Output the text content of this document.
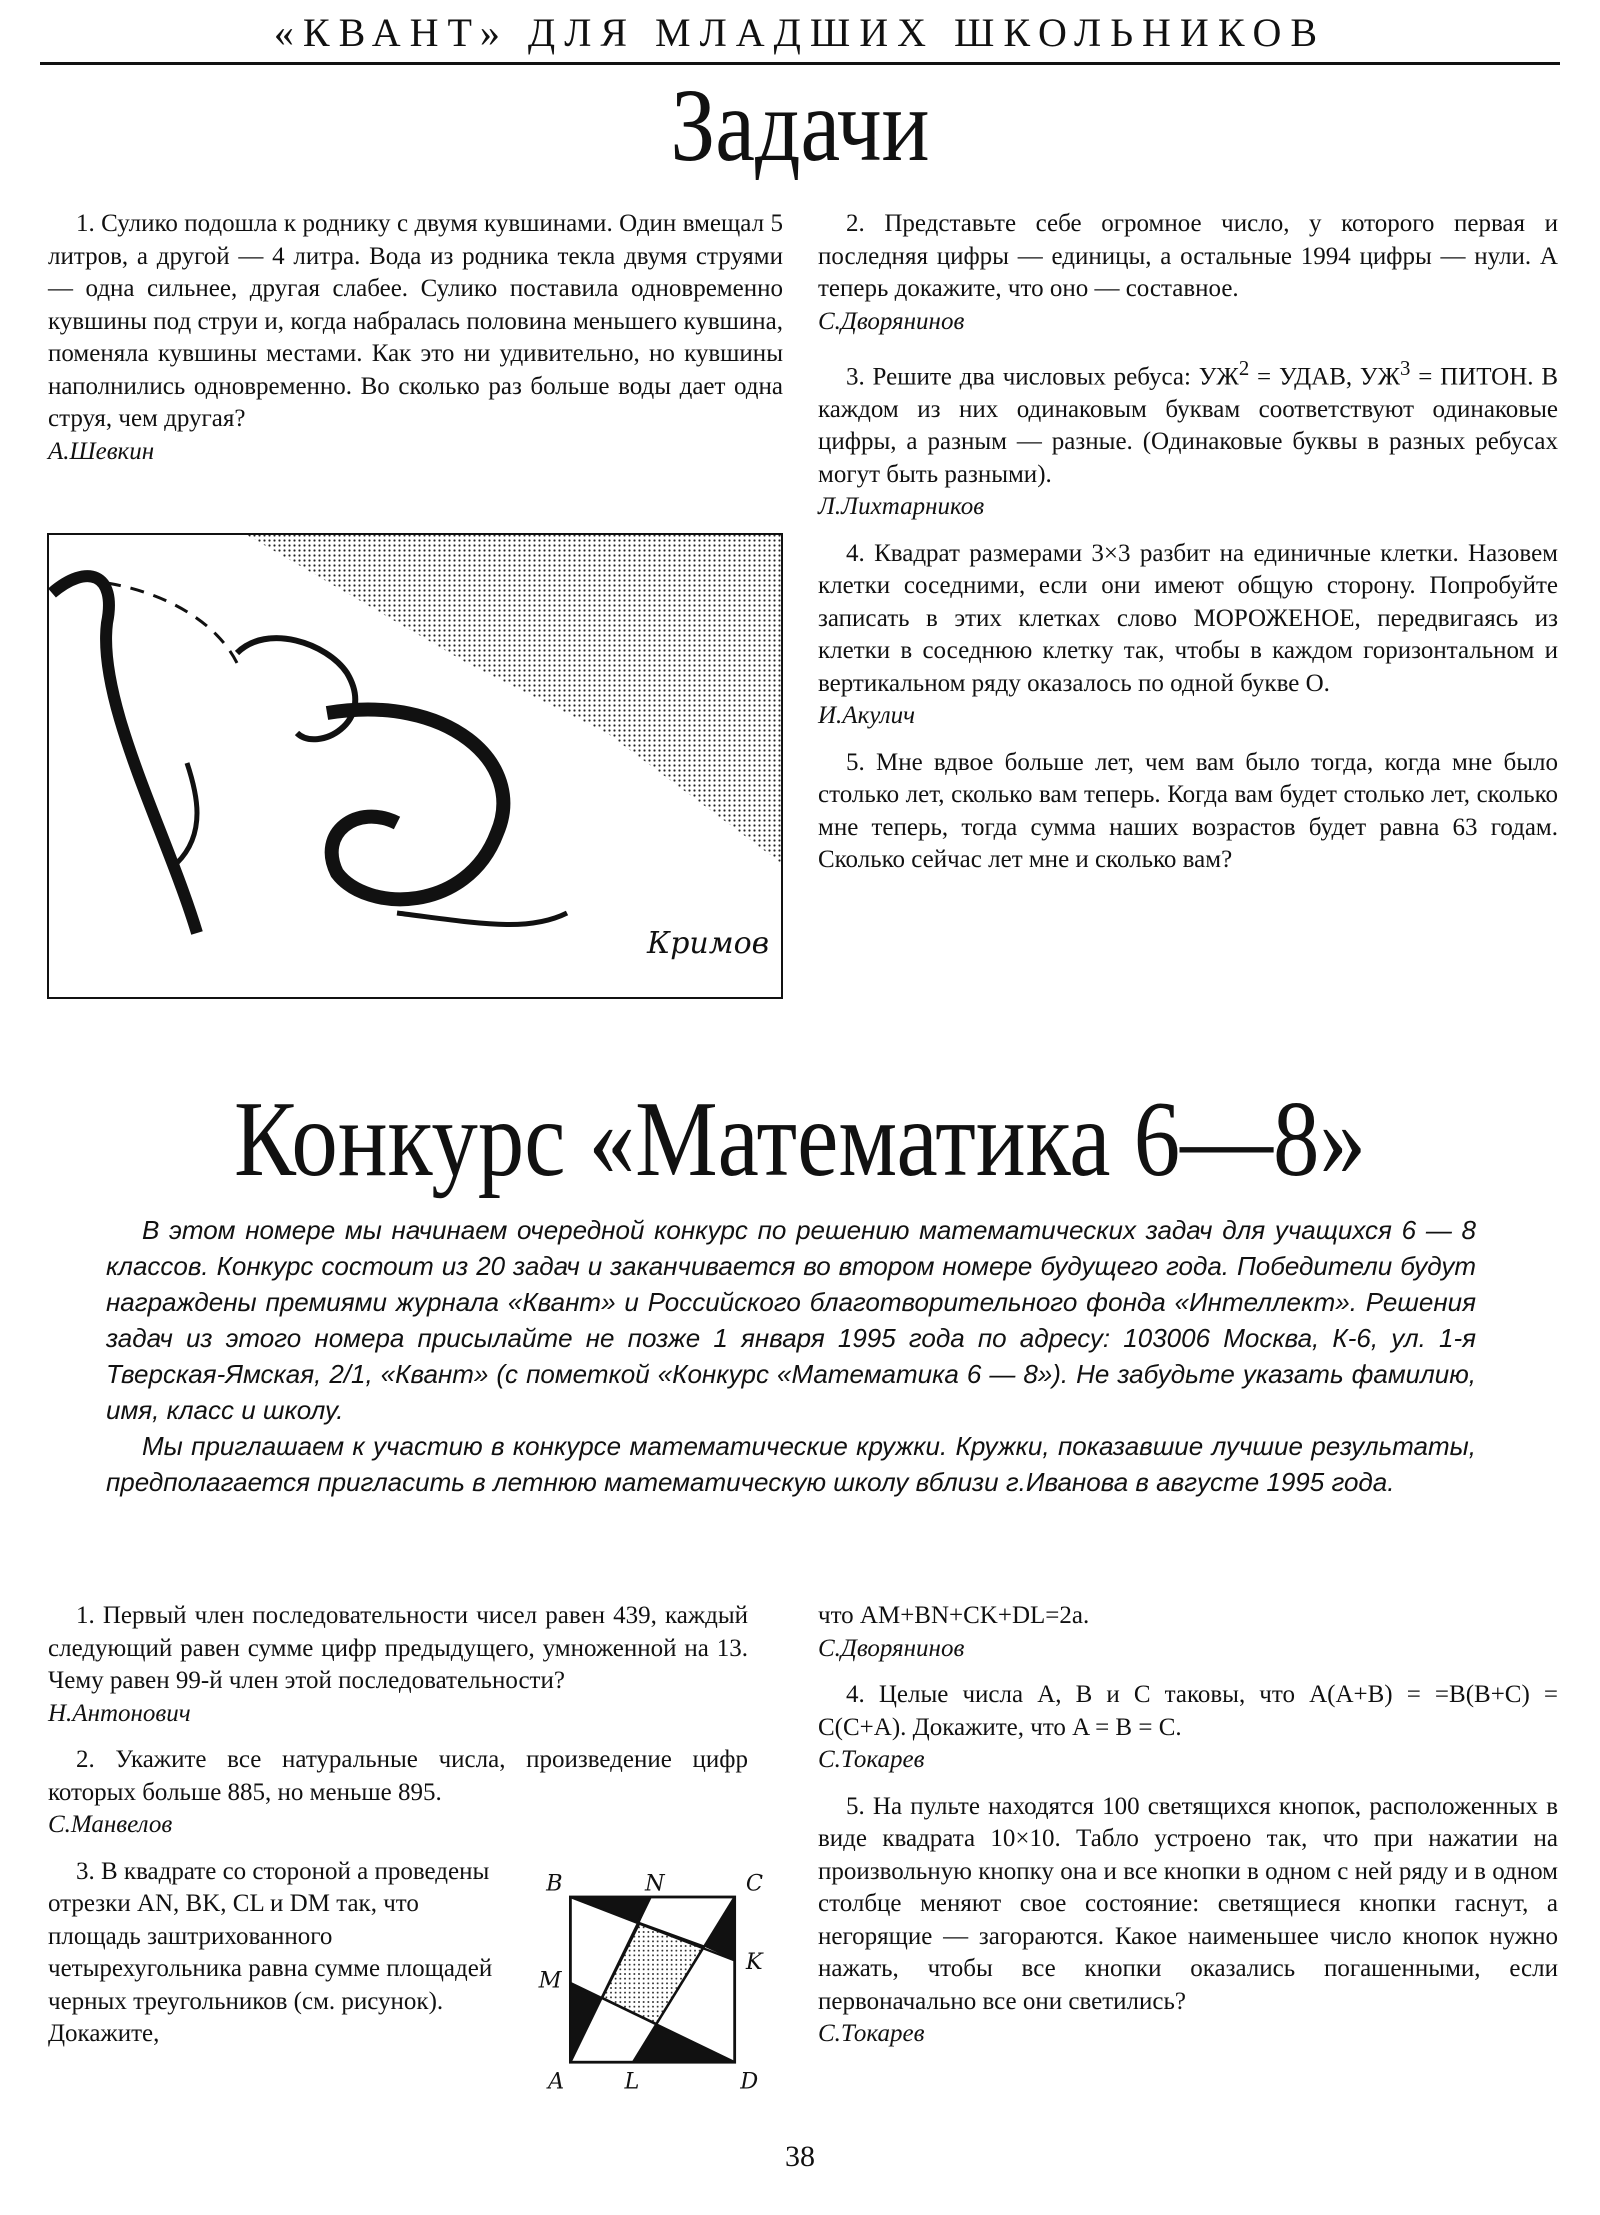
«КВАНТ» ДЛЯ МЛАДШИХ ШКОЛЬНИКОВ
Задачи

1. Сулико подошла к роднику с двумя кувшинами. Один вмещал 5 литров, а другой — 4 литра. Вода из родника текла двумя струями — одна сильнее, другая слабее. Сулико поставила одновременно кувшины под струи и, когда набралась половина меньшего кувшина, поменяла кувшины местами. Как это ни удивительно, но кувшины наполнились одновременно. Во сколько раз больше воды дает одна струя, чем другая?
А.Шевкин

Кримов

2. Представьте себе огромное число, у которого первая и последняя цифры — единицы, а остальные 1994 цифры — нули. А теперь докажите, что оно — составное.
С.Дворянинов

3. Решите два числовых ребуса: $УЖ^2$ = УДАВ, $УЖ^3$ = ПИТОН. В каждом из них одинаковым буквам соответствуют одинаковые цифры, а разным — разные. (Одинаковые буквы в разных ребусах могут быть разными).
Л.Лихтарников

4. Квадрат размерами 3×3 разбит на единичные клетки. Назовем клетки соседними, если они имеют общую сторону. Попробуйте записать в этих клетках слово МОРОЖЕНОЕ, передвигаясь из клетки в соседнюю клетку так, чтобы в каждом горизонтальном и вертикальном ряду оказалось по одной букве О.
И.Акулич

5. Мне вдвое больше лет, чем вам было тогда, когда мне было столько лет, сколько вам теперь. Когда вам будет столько лет, сколько мне теперь, тогда сумма наших возрастов будет равна 63 годам. Сколько сейчас лет мне и сколько вам?

Конкурс «Математика 6—8»

В этом номере мы начинаем очередной конкурс по решению математических задач для учащихся 6 — 8 классов. Конкурс состоит из 20 задач и заканчивается во втором номере будущего года. Победители будут награждены премиями журнала «Квант» и Российского благотворительного фонда «Интеллект». Решения задач из этого номера присылайте не позже 1 января 1995 года по адресу: 103006 Москва, К-6, ул. 1-я Тверская-Ямская, 2/1, «Квант» (с пометкой «Конкурс «Математика 6 — 8»). Не забудьте указать фамилию, имя, класс и школу.

Мы приглашаем к участию в конкурсе математические кружки. Кружки, показавшие лучшие результаты, предполагается пригласить в летнюю математическую школу вблизи г.Иванова в августе 1995 года.

1. Первый член последовательности чисел равен 439, каждый следующий равен сумме цифр предыдущего, умноженной на 13. Чему равен 99-й член этой последовательности?
Н.Антонович

2. Укажите все натуральные числа, произведение цифр которых больше 885, но меньше 895.
С.Манвелов

3. В квадрате со стороной a проведены отрезки AN, BK, CL и DM так, что площадь заштрихованного четырехугольника равна сумме площадей черных треугольников (см. рисунок). Докажите,

B	N	C
K
M
A	L	D

что AM+BN+CK+DL=2a.
С.Дворянинов

4. Целые числа A, B и C таковы, что A(A+B) = =B(B+C) = C(C+A). Докажите, что A = B = C.
С.Токарев

5. На пульте находятся 100 светящихся кнопок, расположенных в виде квадрата 10×10. Табло устроено так, что при нажатии на произвольную кнопку она и все кнопки в одном с ней ряду и в одном столбце меняют свое состояние: светящиеся кнопки гаснут, а негорящие — загораются. Какое наименьшее число кнопок нужно нажать, чтобы все кнопки оказались погашенными, если первоначально все они светились?
С.Токарев

38
